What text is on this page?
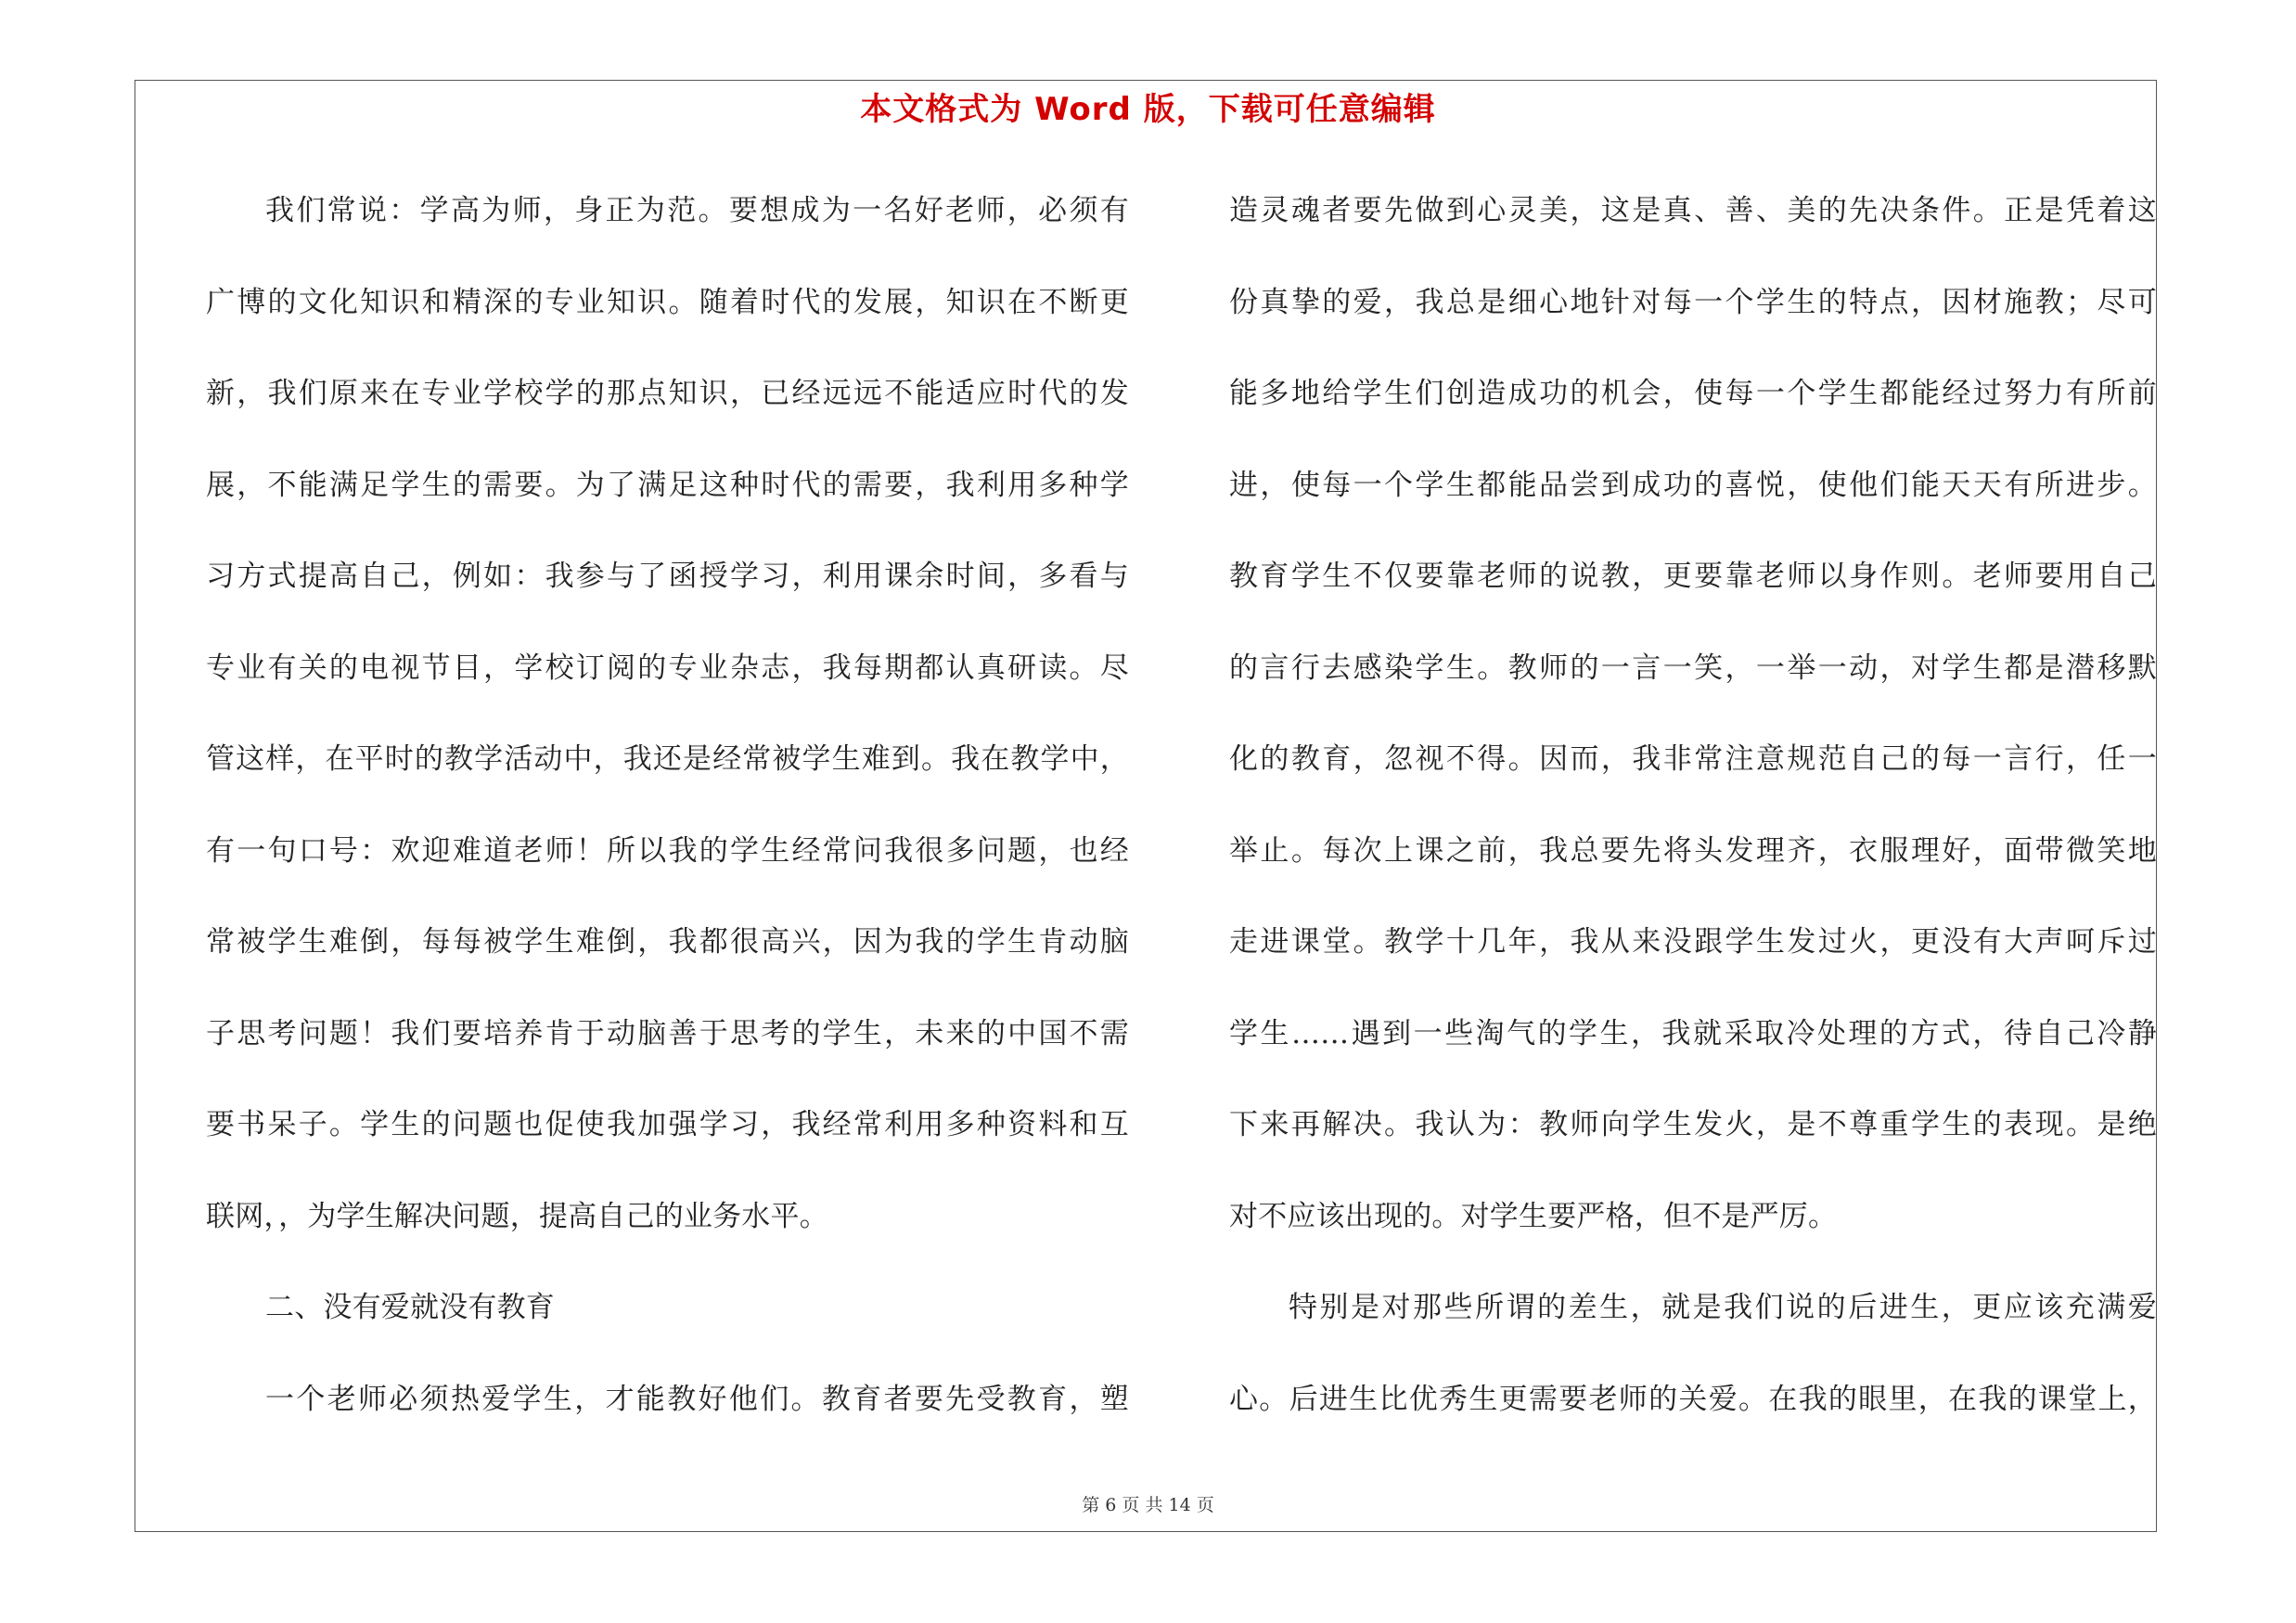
本文格式为 Word 版，下载可任意编辑
我们常说：学高为师，身正为范。要想成为一名好老师，必须有
广博的文化知识和精深的专业知识。随着时代的发展，知识在不断更
新，我们原来在专业学校学的那点知识，已经远远不能适应时代的发
展，不能满足学生的需要。为了满足这种时代的需要，我利用多种学
习方式提高自己，例如：我参与了函授学习，利用课余时间，多看与
专业有关的电视节目，学校订阅的专业杂志，我每期都认真研读。尽
管这样，在平时的教学活动中，我还是经常被学生难到。我在教学中，
有一句口号：欢迎难道老师！所以我的学生经常问我很多问题，也经
常被学生难倒，每每被学生难倒，我都很高兴，因为我的学生肯动脑
子思考问题！我们要培养肯于动脑善于思考的学生，未来的中国不需
要书呆子。学生的问题也促使我加强学习，我经常利用多种资料和互
联网，，为学生解决问题，提高自己的业务水平。
二、没有爱就没有教育
一个老师必须热爱学生，才能教好他们。教育者要先受教育，塑
造灵魂者要先做到心灵美，这是真、善、美的先决条件。正是凭着这
份真挚的爱，我总是细心地针对每一个学生的特点，因材施教；尽可
能多地给学生们创造成功的机会，使每一个学生都能经过努力有所前
进，使每一个学生都能品尝到成功的喜悦，使他们能天天有所进步。
教育学生不仅要靠老师的说教，更要靠老师以身作则。老师要用自己
的言行去感染学生。教师的一言一笑，一举一动，对学生都是潜移默
化的教育，忽视不得。因而，我非常注意规范自己的每一言行，任一
举止。每次上课之前，我总要先将头发理齐，衣服理好，面带微笑地
走进课堂。教学十几年，我从来没跟学生发过火，更没有大声呵斥过
学生……遇到一些淘气的学生，我就采取冷处理的方式，待自己冷静
下来再解决。我认为：教师向学生发火，是不尊重学生的表现。是绝
对不应该出现的。对学生要严格，但不是严厉。
特别是对那些所谓的差生，就是我们说的后进生，更应该充满爱
心。后进生比优秀生更需要老师的关爱。在我的眼里，在我的课堂上，
第 6 页 共 14 页
